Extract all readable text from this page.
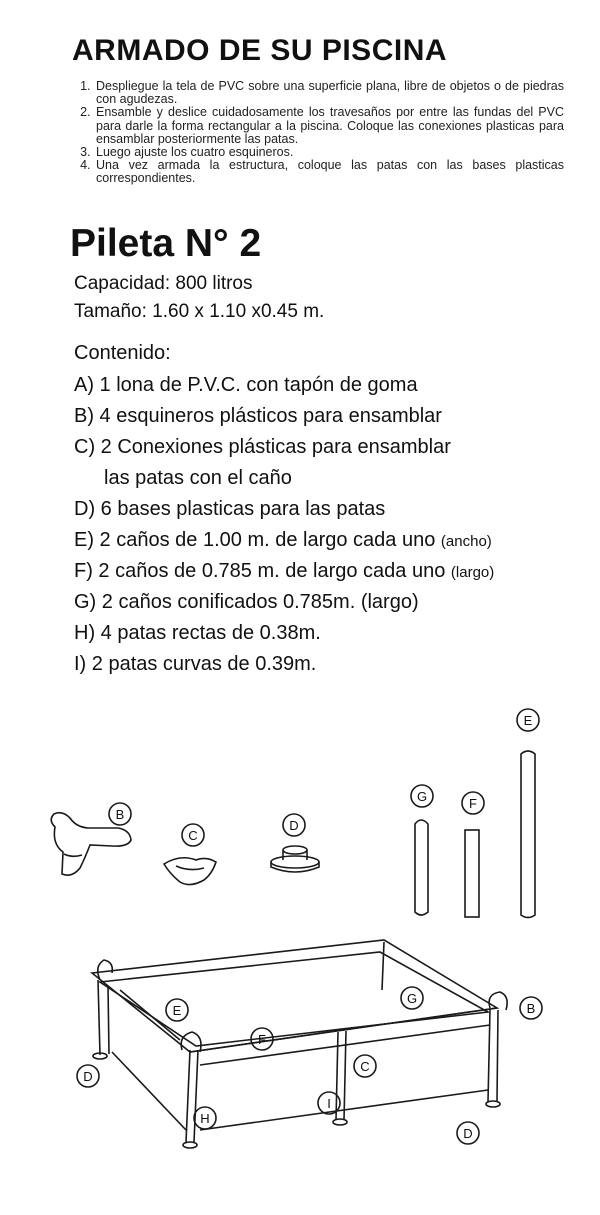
ARMADO DE SU PISCINA
1. Despliegue la tela de PVC sobre una superficie plana, libre de objetos o de piedras con agudezas.
2. Ensamble y deslice cuidadosamente los travesaños por entre las fundas del PVC para darle la forma rectangular a la piscina. Coloque las conexiones plasticas para ensamblar posteriormente las patas.
3. Luego ajuste los cuatro esquineros.
4. Una vez armada la estructura, coloque las patas con las bases plasticas correspondientes.
Pileta N° 2
Capacidad: 800 litros
Tamaño: 1.60 x 1.10 x0.45 m.
Contenido:
A) 1 lona de P.V.C. con tapón de goma
B) 4 esquineros plásticos para ensamblar
C) 2 Conexiones plásticas para ensamblar
las patas con el caño
D) 6 bases plasticas para las patas
E) 2 caños de 1.00 m. de largo cada uno (ancho)
F) 2 caños de 0.785 m. de largo cada uno (largo)
G) 2 caños conificados 0.785m. (largo)
H) 4 patas rectas de 0.38m.
I) 2 patas curvas de 0.39m.
B
C
D
G	F
E
E
G
B
F
C
D
H
I
D
